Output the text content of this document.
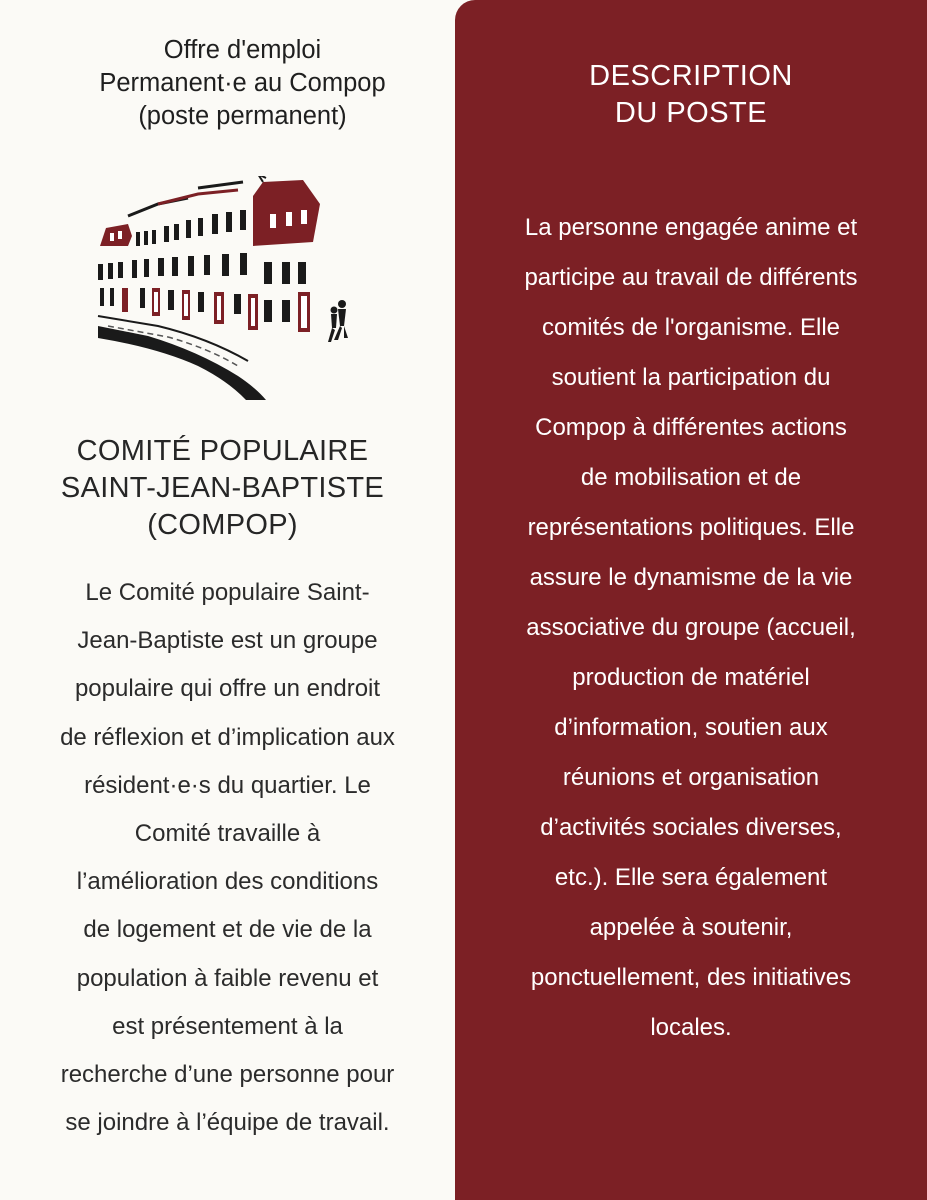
Offre d'emploi
Permanent·e au Compop
(poste permanent)
COMITÉ POPULAIRE
SAINT-JEAN-BAPTISTE
(COMPOP)
Le Comité populaire Saint-
Jean-Baptiste est un groupe
populaire qui offre un endroit
de réflexion et d’implication aux
résident·e·s du quartier. Le
Comité travaille à
l’amélioration des conditions
de logement et de vie de la
population à faible revenu et
est présentement à la
recherche d’une personne pour
se joindre à l’équipe de travail.
DESCRIPTION
DU POSTE
La personne engagée anime et
participe au travail de différents
comités de l'organisme. Elle
soutient la participation du
Compop à différentes actions
de mobilisation et de
représentations politiques. Elle
assure le dynamisme de la vie
associative du groupe (accueil,
production de matériel
d’information, soutien aux
réunions et organisation
d’activités sociales diverses,
etc.). Elle sera également
appelée à soutenir,
ponctuellement, des initiatives
locales.
